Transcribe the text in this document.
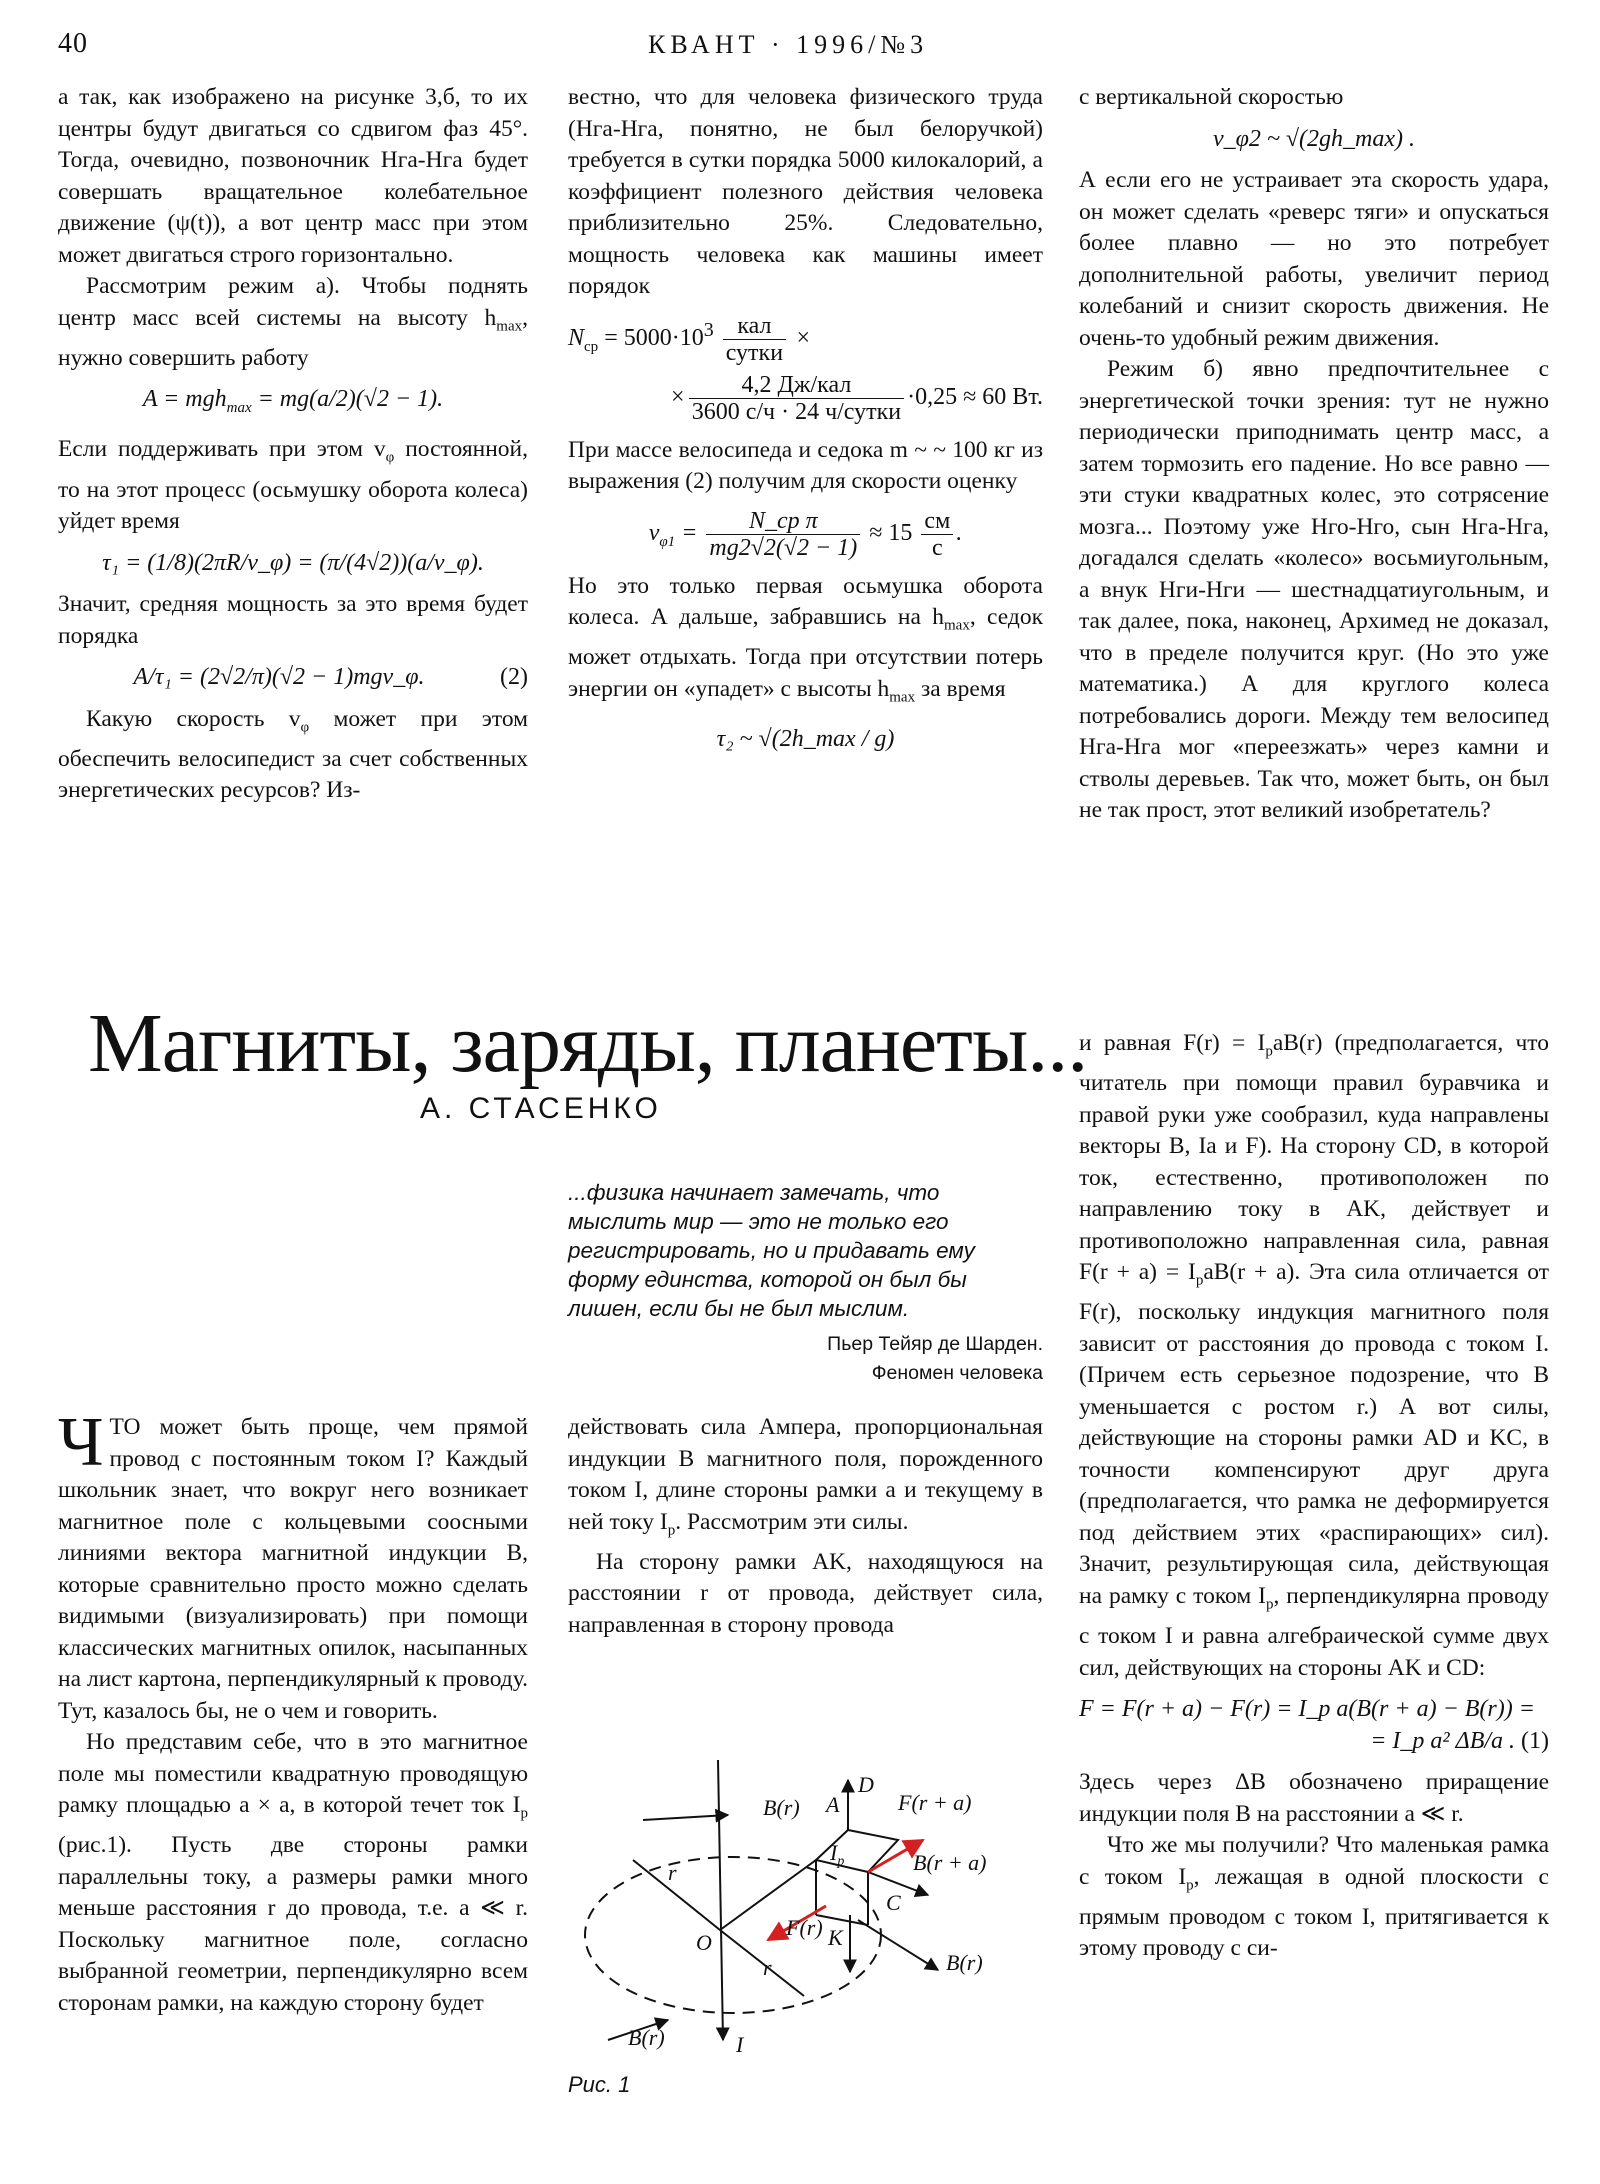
40	КВАНТ · 1996/№3

а так, как изображено на рисунке 3,б, то их центры будут двигаться со сдвигом фаз 45°. Тогда, очевидно, позвоночник Нга-Нга будет совершать вращательное колебательное движение (ψ(t)), а вот центр масс при этом может двигаться строго горизонтально.

Рассмотрим режим а). Чтобы поднять центр масс всей системы на высоту $h_{max}$, нужно совершить работу

A = mgh$_{max}$ = mg(a/2)(√2 − 1).

Если поддерживать при этом $v_\varphi$ постоянной, то на этот процесс (осьмушку оборота колеса) уйдет время

τ₁ = (1/8)(2πR/v_φ) = (π/(4√2))(a/v_φ).

Значит, средняя мощность за это время будет порядка

A/τ₁ = (2√2/π)(√2 − 1)mgv_φ.	(2)

Какую скорость $v_\varphi$ может при этом обеспечить велосипедист за счет собственных энергетических ресурсов? Из-

вестно, что для человека физического труда (Нга-Нга, понятно, не был белоручкой) требуется в сутки порядка 5000 килокалорий, а коэффициент полезного действия человека приблизительно 25%. Следовательно, мощность человека как машины имеет порядок

$N_{ср} = 5000\cdot 10^3 \frac{\text{кал}}{\text{сутки}}$ ×
× $\frac{\text{4,2 Дж/кал}}{\text{3600 с/ч · 24 ч/сутки}} \cdot 0,25 \approx 60$ Вт.

При массе велосипеда и седока m ~ ~ 100 кг из выражения (2) получим для скорости оценку

$v_{\varphi 1} = \frac{\text{N\_ср π}}{mg2√2(√2 - 1)} \approx 15 \frac{см}{с}$ .

Но это только первая осьмушка оборота колеса. А дальше, забравшись на $h_{max}$, седок может отдыхать. Тогда при отсутствии потерь энергии он «упадет» с высоты $h_{max}$ за время

τ₂ ~ √(2h_max / g)

с вертикальной скоростью

v_φ2 ~ √(2gh_max) .

А если его не устраивает эта скорость удара, он может сделать «реверс тяги» и опускаться более плавно — но это потребует дополнительной работы, увеличит период колебаний и снизит скорость движения. Не очень-то удобный режим движения.

Режим б) явно предпочтительнее с энергетической точки зрения: тут не нужно периодически приподнимать центр масс, а затем тормозить его падение. Но все равно — эти стуки квадратных колес, это сотрясение мозга... Поэтому уже Нго-Нго, сын Нга-Нга, догадался сделать «колесо» восьмиугольным, а внук Нги-Нги — шестнадцатиугольным, и так далее, пока, наконец, Архимед не доказал, что в пределе получится круг. (Но это уже математика.) А для круглого колеса потребовались дороги. Между тем велосипед Нга-Нга мог «переезжать» через камни и стволы деревьев. Так что, может быть, он был не так прост, этот великий изобретатель?

Магниты, заряды, планеты...
А. СТАСЕНКО
...физика начинает замечать, что мыслить мир — это не только его регистрировать, но и придавать ему форму единства, которой он был бы лишен, если бы не был мыслим.
Пьер Тейяр де Шарден.
Феномен человека

ЧТО может быть проще, чем прямой провод с постоянным током I? Каждый школьник знает, что вокруг него возникает магнитное поле с кольцевыми соосными линиями вектора магнитной индукции B, которые сравнительно просто можно сделать видимыми (визуализировать) при помощи классических магнитных опилок, насыпанных на лист картона, перпендикулярный к проводу. Тут, казалось бы, не о чем и говорить.

Но представим себе, что в это магнитное поле мы поместили квадратную проводящую рамку площадью a × a, в которой течет ток $I_р$ (рис.1). Пусть две стороны рамки параллельны току, а размеры рамки много меньше расстояния r до провода, т.е. a ≪ r. Поскольку магнитное поле, согласно выбранной геометрии, перпендикулярно всем сторонам рамки, на каждую сторону будет

действовать сила Ампера, пропорциональная индукции B магнитного поля, порожденного током I, длине стороны рамки a и текущему в ней току $I_р$. Рассмотрим эти силы.

На сторону рамки AK, находящуюся на расстоянии r от провода, действует сила, направленная в сторону провода

и равная $F(r) = I_рaB(r)$ (предполагается, что читатель при помощи правил буравчика и правой руки уже сообразил, куда направлены векторы B, Ia и F). На сторону CD, в которой ток, естественно, противоположен по направлению току в AK, действует и противоположно направленная сила, равная $F(r + a) = I_рaB(r + a)$. Эта сила отличается от F(r), поскольку индукция магнитного поля зависит от расстояния до провода с током I. (Причем есть серьезное подозрение, что B уменьшается с ростом r.) А вот силы, действующие на стороны рамки AD и KC, в точности компенсируют друг друга (предполагается, что рамка не деформируется под действием этих «распирающих» сил). Значит, результирующая сила, действующая на рамку с током $I_р$, перпендикулярна проводу с током I и равна алгебраической сумме двух сил, действующих на стороны AK и CD:

F = F(r + a) − F(r) = I_р a(B(r + a) − B(r)) =
= I_р a² ΔB/a . (1)

Здесь через ΔB обозначено приращение индукции поля B на расстоянии a ≪ r.

Что же мы получили? Что маленькая рамка с током $I_р$, лежащая в одной плоскости с прямым проводом с током I, притягивается к этому проводу с си-

B(r) A
D
F(r + a)
$I_р$	B(r + a)
C
r
O
F(r) K
r	B(r)
B(r)	I
Рис. 1
